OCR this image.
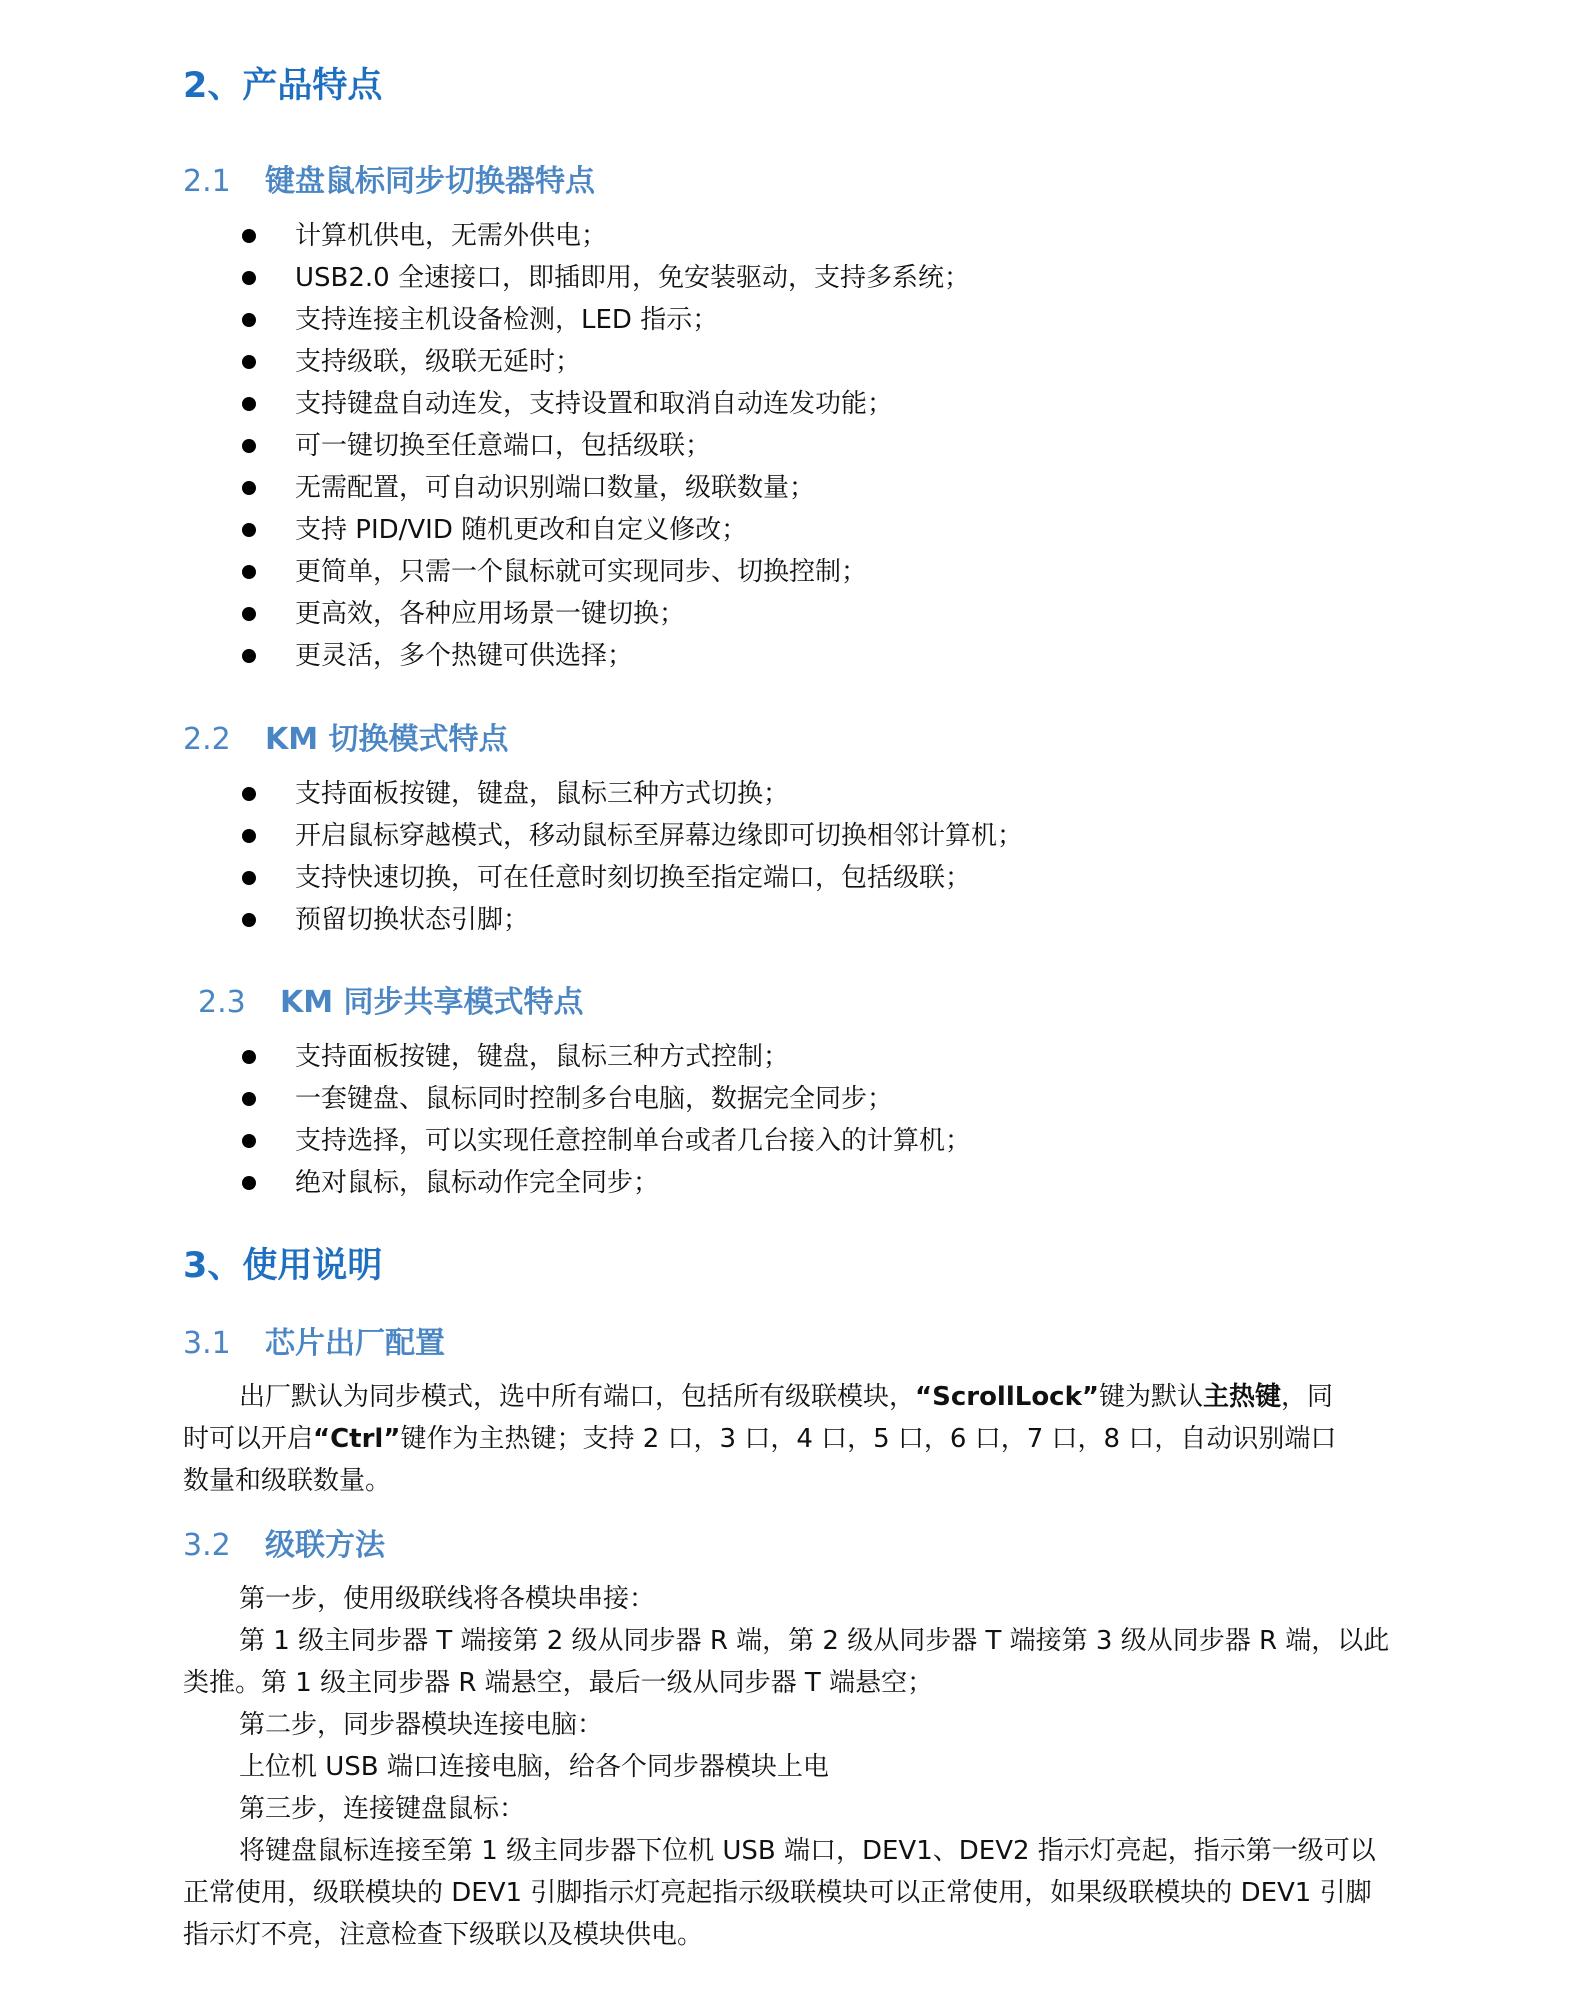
2、产品特点
2.1 键盘鼠标同步切换器特点
计算机供电，无需外供电；
USB2.0 全速接口，即插即用，免安装驱动，支持多系统；
支持连接主机设备检测，LED 指示；
支持级联，级联无延时；
支持键盘自动连发，支持设置和取消自动连发功能；
可一键切换至任意端口，包括级联；
无需配置，可自动识别端口数量，级联数量；
支持 PID/VID 随机更改和自定义修改；
更简单，只需一个鼠标就可实现同步、切换控制；
更高效，各种应用场景一键切换；
更灵活，多个热键可供选择；
2.2 KM 切换模式特点
支持面板按键，键盘，鼠标三种方式切换；
开启鼠标穿越模式，移动鼠标至屏幕边缘即可切换相邻计算机；
支持快速切换，可在任意时刻切换至指定端口，包括级联；
预留切换状态引脚；
2.3 KM 同步共享模式特点
支持面板按键，键盘，鼠标三种方式控制；
一套键盘、鼠标同时控制多台电脑，数据完全同步；
支持选择，可以实现任意控制单台或者几台接入的计算机；
绝对鼠标，鼠标动作完全同步；
3、使用说明
3.1 芯片出厂配置
出厂默认为同步模式，选中所有端口，包括所有级联模块，“ScrollLock”键为默认主热键，同
时可以开启“Ctrl”键作为主热键；支持 2 口，3 口，4 口，5 口，6 口，7 口，8 口，自动识别端口
数量和级联数量。
3.2 级联方法
第一步，使用级联线将各模块串接：
第 1 级主同步器 T 端接第 2 级从同步器 R 端，第 2 级从同步器 T 端接第 3 级从同步器 R 端，以此
类推。第 1 级主同步器 R 端悬空，最后一级从同步器 T 端悬空；
第二步，同步器模块连接电脑：
上位机 USB 端口连接电脑，给各个同步器模块上电
第三步，连接键盘鼠标：
将键盘鼠标连接至第 1 级主同步器下位机 USB 端口，DEV1、DEV2 指示灯亮起，指示第一级可以
正常使用，级联模块的 DEV1 引脚指示灯亮起指示级联模块可以正常使用，如果级联模块的 DEV1 引脚
指示灯不亮，注意检查下级联以及模块供电。
